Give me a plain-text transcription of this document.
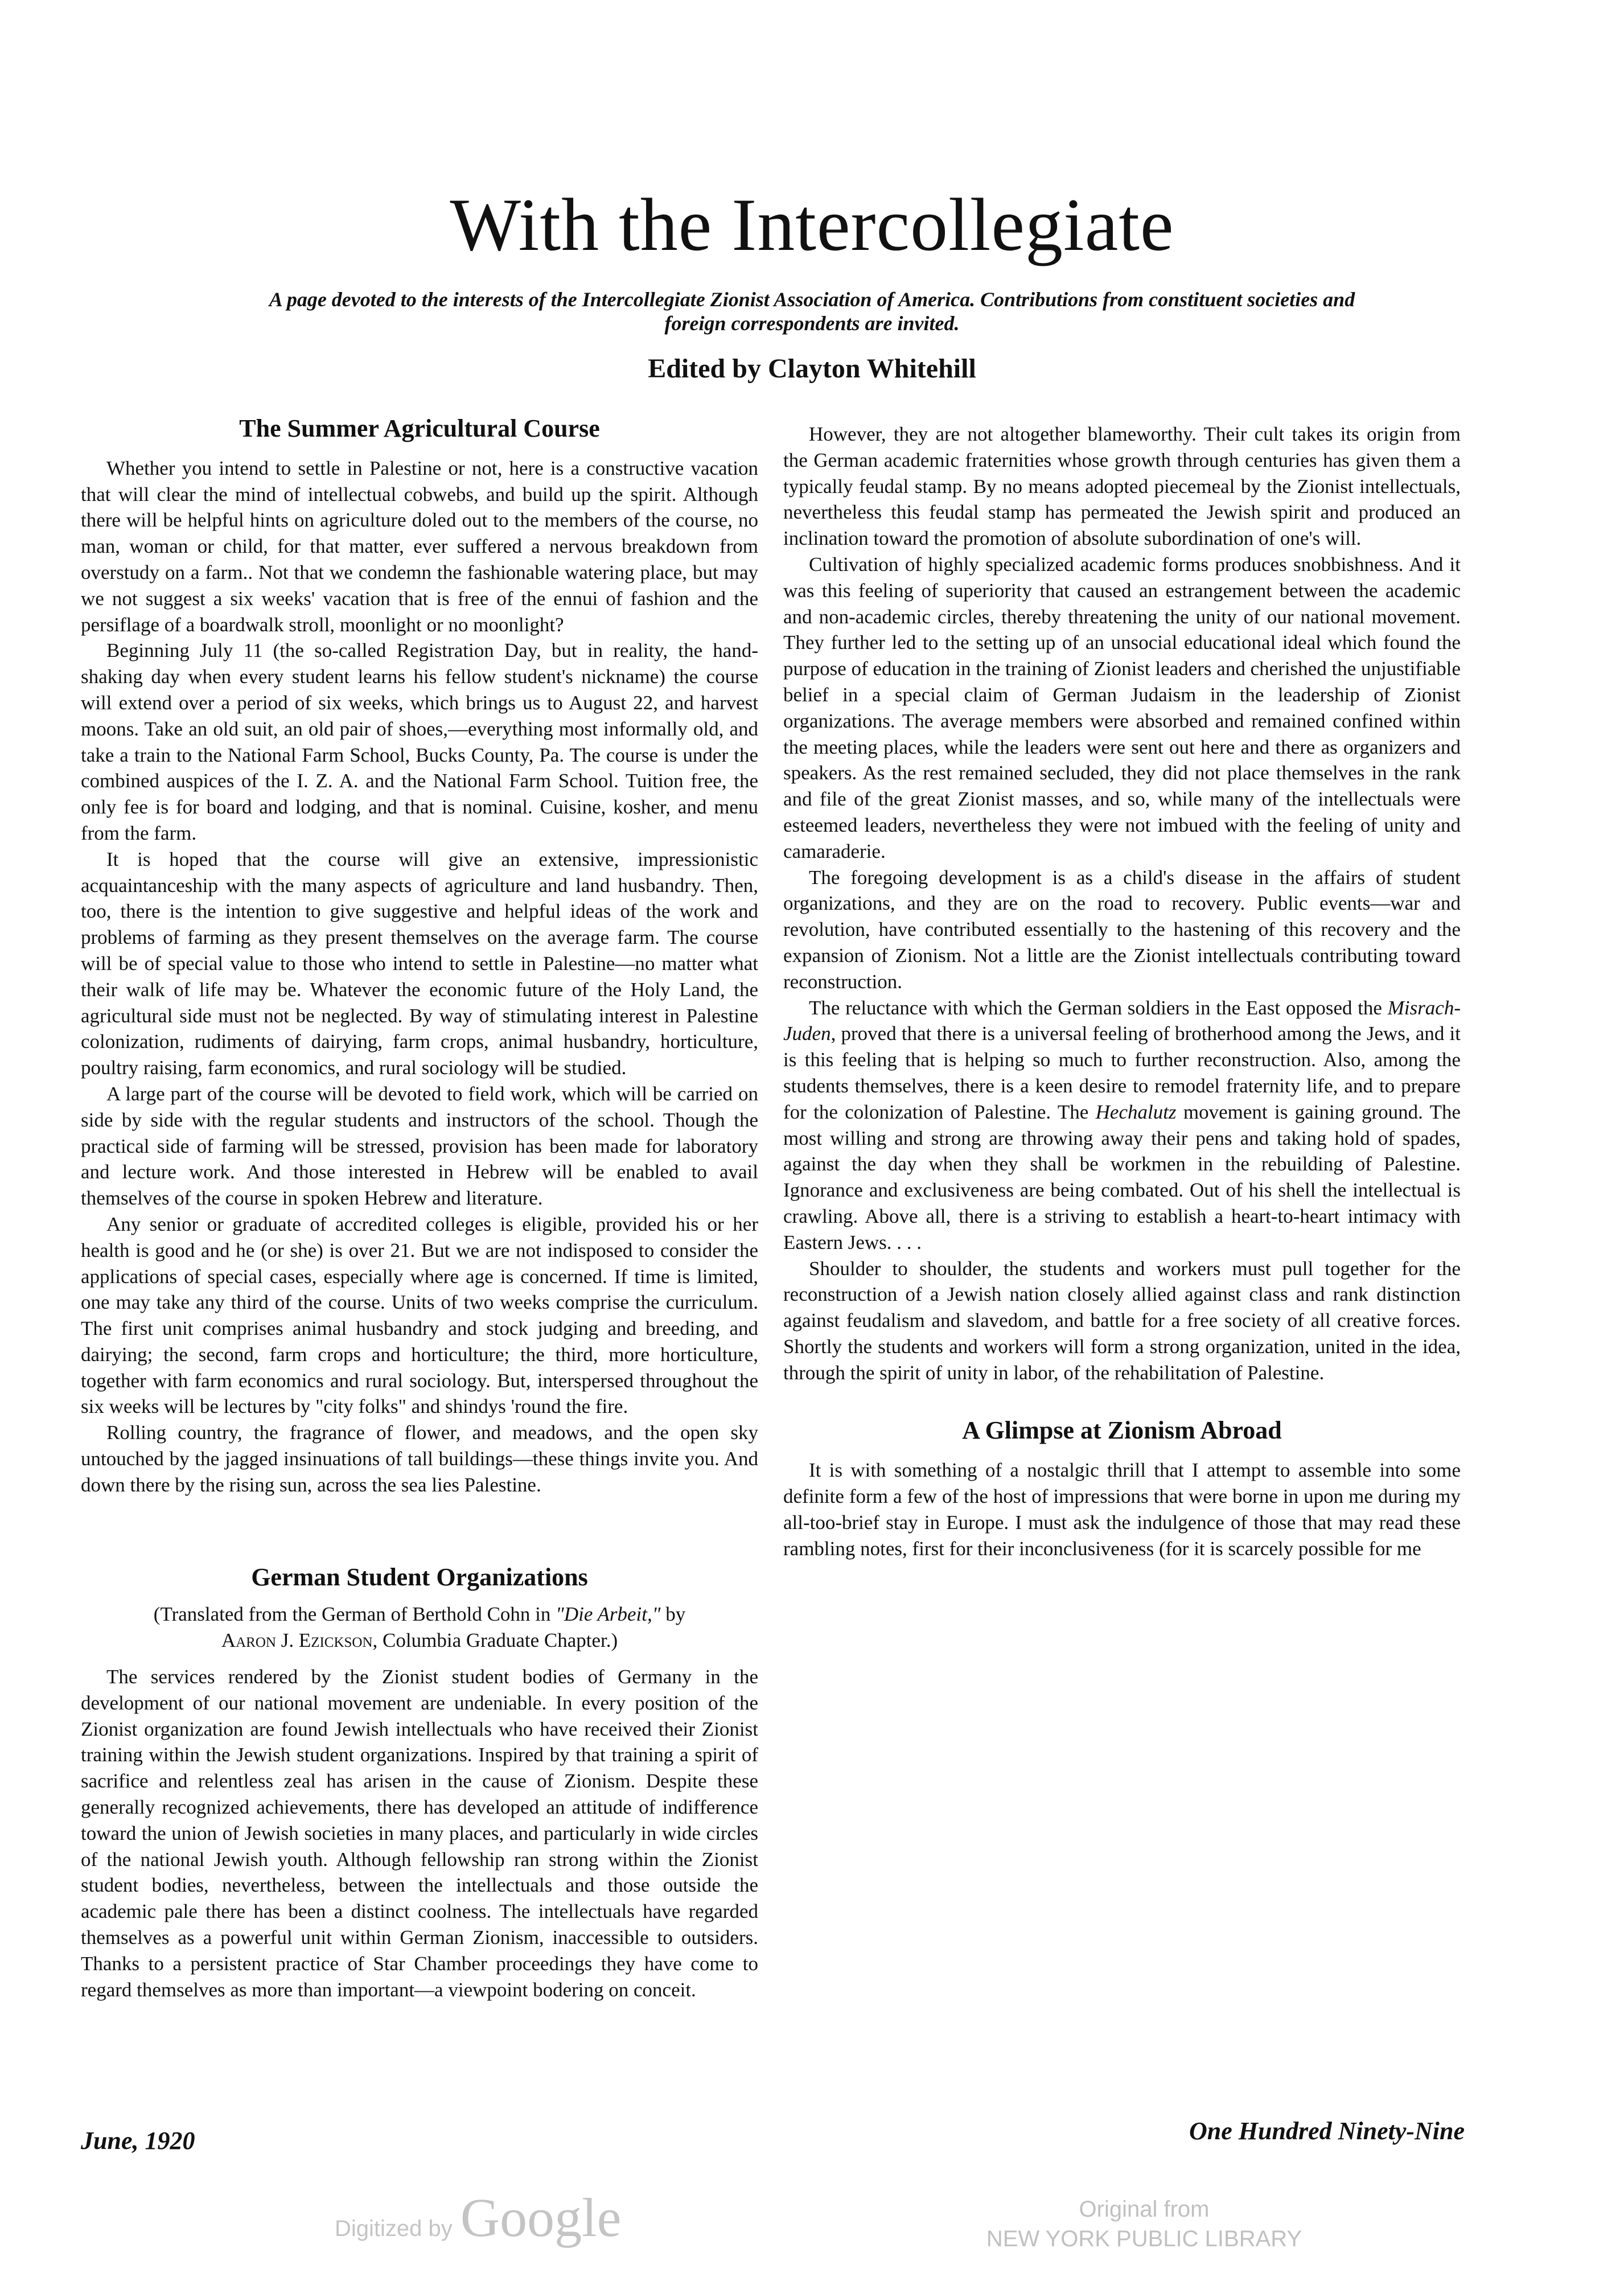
With the Intercollegiate
A page devoted to the interests of the Intercollegiate Zionist Association of America. Contributions from constituent societies and
foreign correspondents are invited.
Edited by Clayton Whitehill
The Summer Agricultural Course

Whether you intend to settle in Palestine or not, here is a constructive vacation that will clear the mind of intellectual cobwebs, and build up the spirit. Although there will be helpful hints on agriculture doled out to the members of the course, no man, woman or child, for that matter, ever suffered a nervous breakdown from overstudy on a farm.. Not that we condemn the fashionable watering place, but may we not suggest a six weeks' vacation that is free of the ennui of fashion and the persiflage of a boardwalk stroll, moonlight or no moonlight?

Beginning July 11 (the so-called Registration Day, but in reality, the hand-shaking day when every student learns his fellow student's nickname) the course will extend over a period of six weeks, which brings us to August 22, and harvest moons. Take an old suit, an old pair of shoes,—everything most informally old, and take a train to the National Farm School, Bucks County, Pa. The course is under the combined auspices of the I. Z. A. and the National Farm School. Tuition free, the only fee is for board and lodging, and that is nominal. Cuisine, kosher, and menu from the farm.

It is hoped that the course will give an extensive, impressionistic acquaintanceship with the many aspects of agriculture and land husbandry. Then, too, there is the intention to give suggestive and helpful ideas of the work and problems of farming as they present themselves on the average farm. The course will be of special value to those who intend to settle in Palestine—no matter what their walk of life may be. Whatever the economic future of the Holy Land, the agricultural side must not be neglected. By way of stimulating interest in Palestine colonization, rudiments of dairying, farm crops, animal husbandry, horticulture, poultry raising, farm economics, and rural sociology will be studied.

A large part of the course will be devoted to field work, which will be carried on side by side with the regular students and instructors of the school. Though the practical side of farming will be stressed, provision has been made for laboratory and lecture work. And those interested in Hebrew will be enabled to avail themselves of the course in spoken Hebrew and literature.

Any senior or graduate of accredited colleges is eligible, provided his or her health is good and he (or she) is over 21. But we are not indisposed to consider the applications of special cases, especially where age is concerned. If time is limited, one may take any third of the course. Units of two weeks comprise the curriculum. The first unit comprises animal husbandry and stock judging and breeding, and dairying; the second, farm crops and horticulture; the third, more horticulture, together with farm economics and rural sociology. But, interspersed throughout the six weeks will be lectures by "city folks" and shindys 'round the fire.

Rolling country, the fragrance of flower, and meadows, and the open sky untouched by the jagged insinuations of tall buildings—these things invite you. And down there by the rising sun, across the sea lies Palestine.

German Student Organizations

(Translated from the German of Berthold Cohn in "Die Arbeit," by
Aaron J. Ezickson, Columbia Graduate Chapter.)

The services rendered by the Zionist student bodies of Germany in the development of our national movement are undeniable. In every position of the Zionist organization are found Jewish intellectuals who have received their Zionist training within the Jewish student organizations. Inspired by that training a spirit of sacrifice and relentless zeal has arisen in the cause of Zionism. Despite these generally recognized achievements, there has developed an attitude of indifference toward the union of Jewish societies in many places, and particularly in wide circles of the national Jewish youth. Although fellowship ran strong within the Zionist student bodies, nevertheless, between the intellectuals and those outside the academic pale there has been a distinct coolness. The intellectuals have regarded themselves as a powerful unit within German Zionism, inaccessible to outsiders. Thanks to a persistent practice of Star Chamber proceedings they have come to regard themselves as more than important—a viewpoint bodering on conceit.

However, they are not altogether blameworthy. Their cult takes its origin from the German academic fraternities whose growth through centuries has given them a typically feudal stamp. By no means adopted piecemeal by the Zionist intellectuals, nevertheless this feudal stamp has permeated the Jewish spirit and produced an inclination toward the promotion of absolute subordination of one's will.

Cultivation of highly specialized academic forms produces snobbishness. And it was this feeling of superiority that caused an estrangement between the academic and non-academic circles, thereby threatening the unity of our national movement. They further led to the setting up of an unsocial educational ideal which found the purpose of education in the training of Zionist leaders and cherished the unjustifiable belief in a special claim of German Judaism in the leadership of Zionist organizations. The average members were absorbed and remained confined within the meeting places, while the leaders were sent out here and there as organizers and speakers. As the rest remained secluded, they did not place themselves in the rank and file of the great Zionist masses, and so, while many of the intellectuals were esteemed leaders, nevertheless they were not imbued with the feeling of unity and camaraderie.

The foregoing development is as a child's disease in the affairs of student organizations, and they are on the road to recovery. Public events—war and revolution, have contributed essentially to the hastening of this recovery and the expansion of Zionism. Not a little are the Zionist intellectuals contributing toward reconstruction.

The reluctance with which the German soldiers in the East opposed the Misrach-Juden, proved that there is a universal feeling of brotherhood among the Jews, and it is this feeling that is helping so much to further reconstruction. Also, among the students themselves, there is a keen desire to remodel fraternity life, and to prepare for the colonization of Palestine. The Hechalutz movement is gaining ground. The most willing and strong are throwing away their pens and taking hold of spades, against the day when they shall be workmen in the rebuilding of Palestine. Ignorance and exclusiveness are being combated. Out of his shell the intellectual is crawling. Above all, there is a striving to establish a heart-to-heart intimacy with Eastern Jews. . . .

Shoulder to shoulder, the students and workers must pull together for the reconstruction of a Jewish nation closely allied against class and rank distinction against feudalism and slavedom, and battle for a free society of all creative forces. Shortly the students and workers will form a strong organization, united in the idea, through the spirit of unity in labor, of the rehabilitation of Palestine.

A Glimpse at Zionism Abroad

It is with something of a nostalgic thrill that I attempt to assemble into some definite form a few of the host of impressions that were borne in upon me during my all-too-brief stay in Europe. I must ask the indulgence of those that may read these rambling notes, first for their inconclusiveness (for it is scarcely possible for me

June, 1920	One Hundred Ninety-Nine
Digitized by Google	Original from
NEW YORK PUBLIC LIBRARY
